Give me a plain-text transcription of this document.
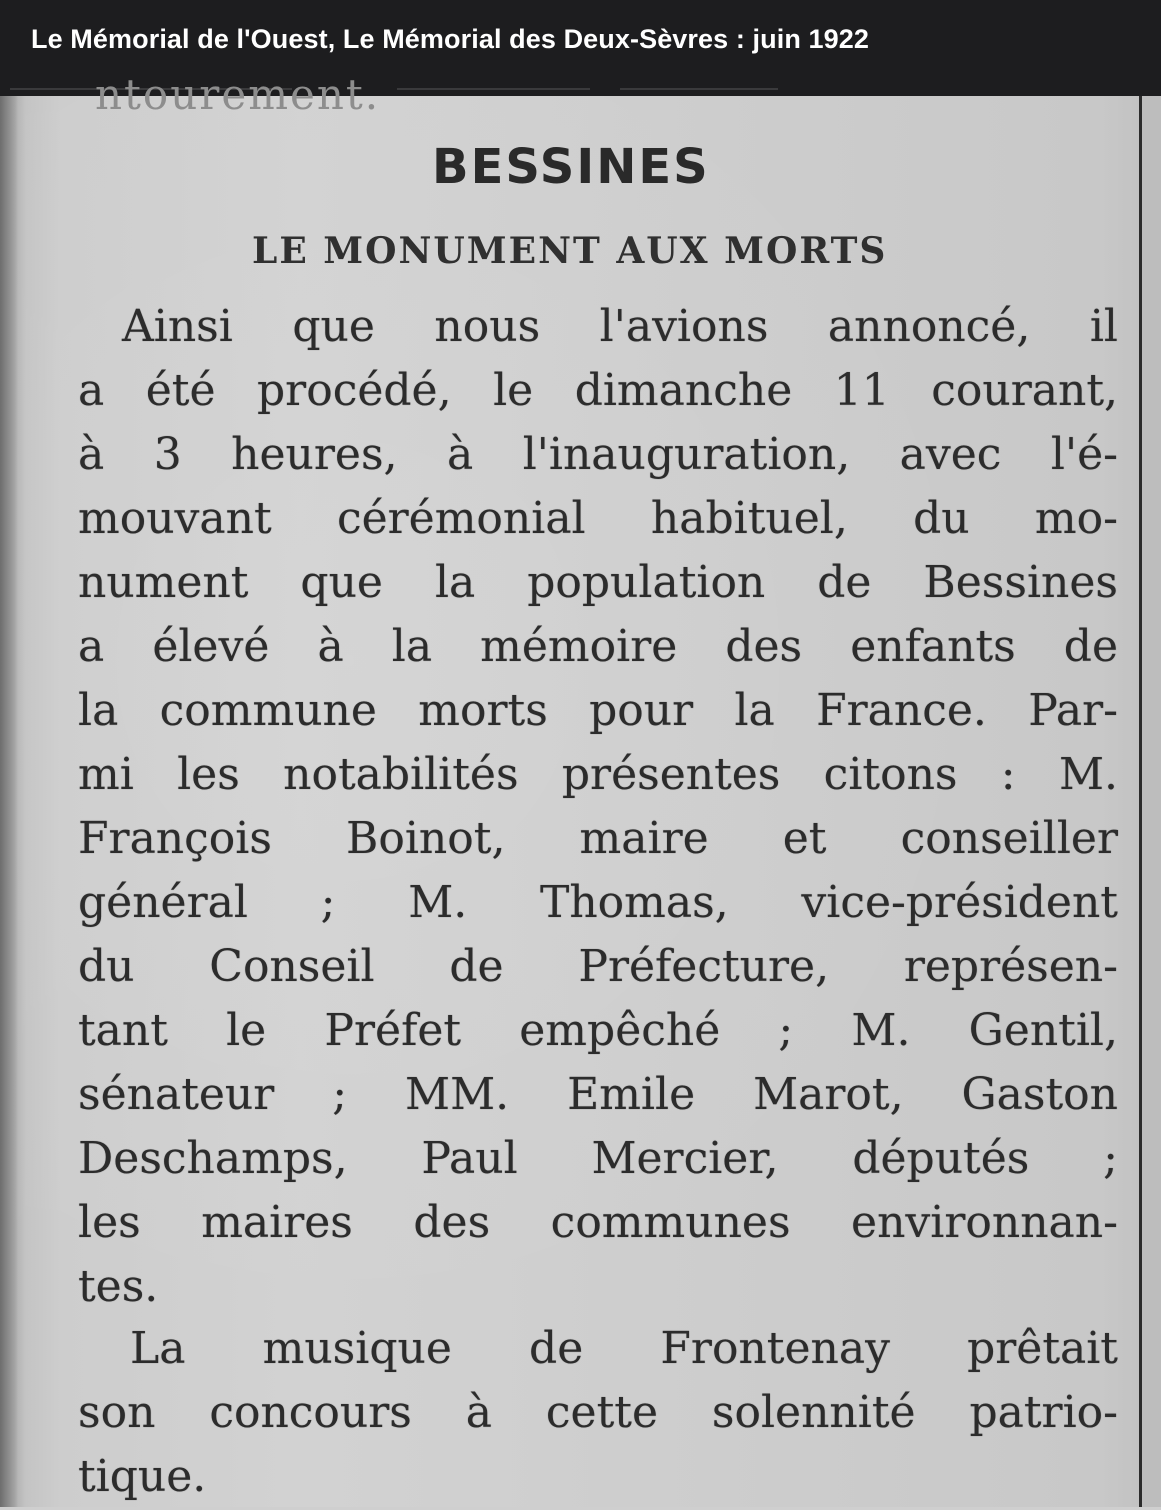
Le Mémorial de l'Ouest, Le Mémorial des Deux-Sèvres : juin 1922
ntourement.
BESSINES
LE MONUMENT AUX MORTS
Ainsi que nous l'avions annoncé, il
a été procédé, le dimanche 11 courant,
à 3 heures, à l'inauguration, avec l'é-
mouvant cérémonial habituel, du mo-
nument que la population de Bessines
a élevé à la mémoire des enfants de
la commune morts pour la France. Par-
mi les notabilités présentes citons : M.
François Boinot, maire et conseiller
général ; M. Thomas, vice-président
du Conseil de Préfecture, représen-
tant le Préfet empêché ; M. Gentil,
sénateur ; MM. Emile Marot, Gaston
Deschamps, Paul Mercier, députés ;
les maires des communes environnan-
tes.
La musique de Frontenay prêtait
son concours à cette solennité patrio-
tique.
